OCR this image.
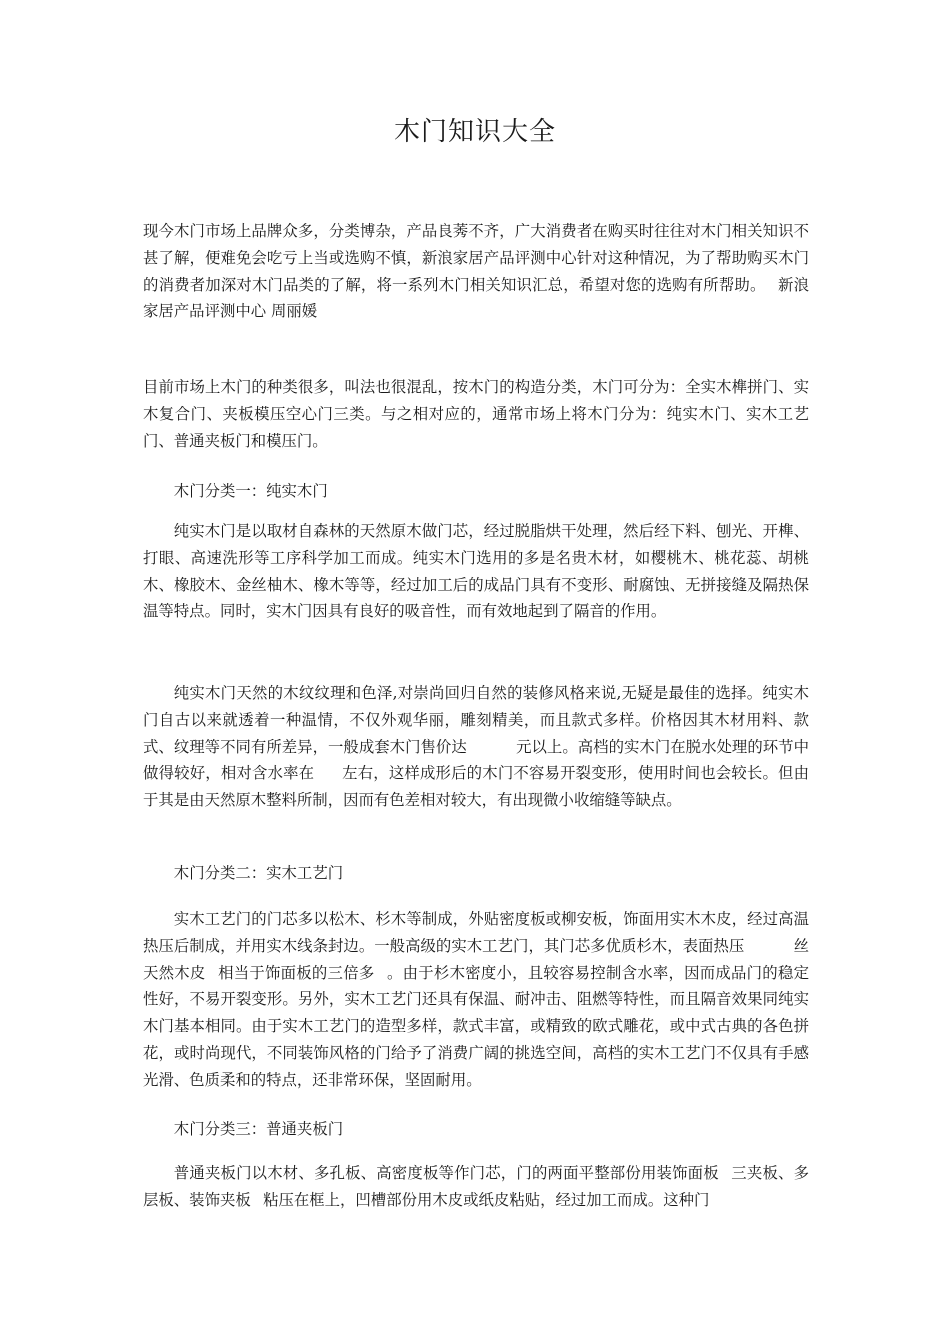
木门知识大全

现今木门市场上品牌众多，分类博杂，产品良莠不齐，广大消费者在购买时往往对木门相关知识不甚了解，便难免会吃亏上当或选购不慎，新浪家居产品评测中心针对这种情况，为了帮助购买木门的消费者加深对木门品类的了解，将一系列木门相关知识汇总，希望对您的选购有所帮助。 新浪家居产品评测中心 周丽媛

目前市场上木门的种类很多，叫法也很混乱，按木门的构造分类，木门可分为：全实木榫拼门、实木复合门、夹板模压空心门三类。与之相对应的，通常市场上将木门分为：纯实木门、实木工艺门、普通夹板门和模压门。

木门分类一：纯实木门

纯实木门是以取材自森林的天然原木做门芯，经过脱脂烘干处理，然后经下料、刨光、开榫、打眼、高速洗形等工序科学加工而成。纯实木门选用的多是名贵木材，如樱桃木、桃花蕊、胡桃木、橡胶木、金丝柚木、橡木等等，经过加工后的成品门具有不变形、耐腐蚀、无拼接缝及隔热保温等特点。同时，实木门因具有良好的吸音性，而有效地起到了隔音的作用。

纯实木门天然的木纹纹理和色泽,对崇尚回归自然的装修风格来说,无疑是最佳的选择。纯实木门自古以来就透着一种温情，不仅外观华丽，雕刻精美，而且款式多样。价格因其木材用料、款式、纹理等不同有所差异，一般成套木门售价达	元以上。高档的实木门在脱水处理的环节中做得较好，相对含水率在 左右，这样成形后的木门不容易开裂变形，使用时间也会较长。但由于其是由天然原木整料所制，因而有色差相对较大，有出现微小收缩缝等缺点。

木门分类二：实木工艺门

实木工艺门的门芯多以松木、杉木等制成，外贴密度板或柳安板，饰面用实木木皮，经过高温热压后制成，并用实木线条封边。一般高级的实木工艺门，其门芯多优质杉木，表面热压	丝天然木皮 相当于饰面板的三倍多 。由于杉木密度小，且较容易控制含水率，因而成品门的稳定性好，不易开裂变形。另外，实木工艺门还具有保温、耐冲击、阻燃等特性，而且隔音效果同纯实木门基本相同。由于实木工艺门的造型多样，款式丰富，或精致的欧式雕花，或中式古典的各色拼花，或时尚现代，不同装饰风格的门给予了消费广阔的挑选空间，高档的实木工艺门不仅具有手感光滑、色质柔和的特点，还非常环保，坚固耐用。

木门分类三：普通夹板门

普通夹板门以木材、多孔板、高密度板等作门芯，门的两面平整部份用装饰面板 三夹板、多层板、装饰夹板 粘压在框上，凹槽部份用木皮或纸皮粘贴，经过加工而成。这种门
